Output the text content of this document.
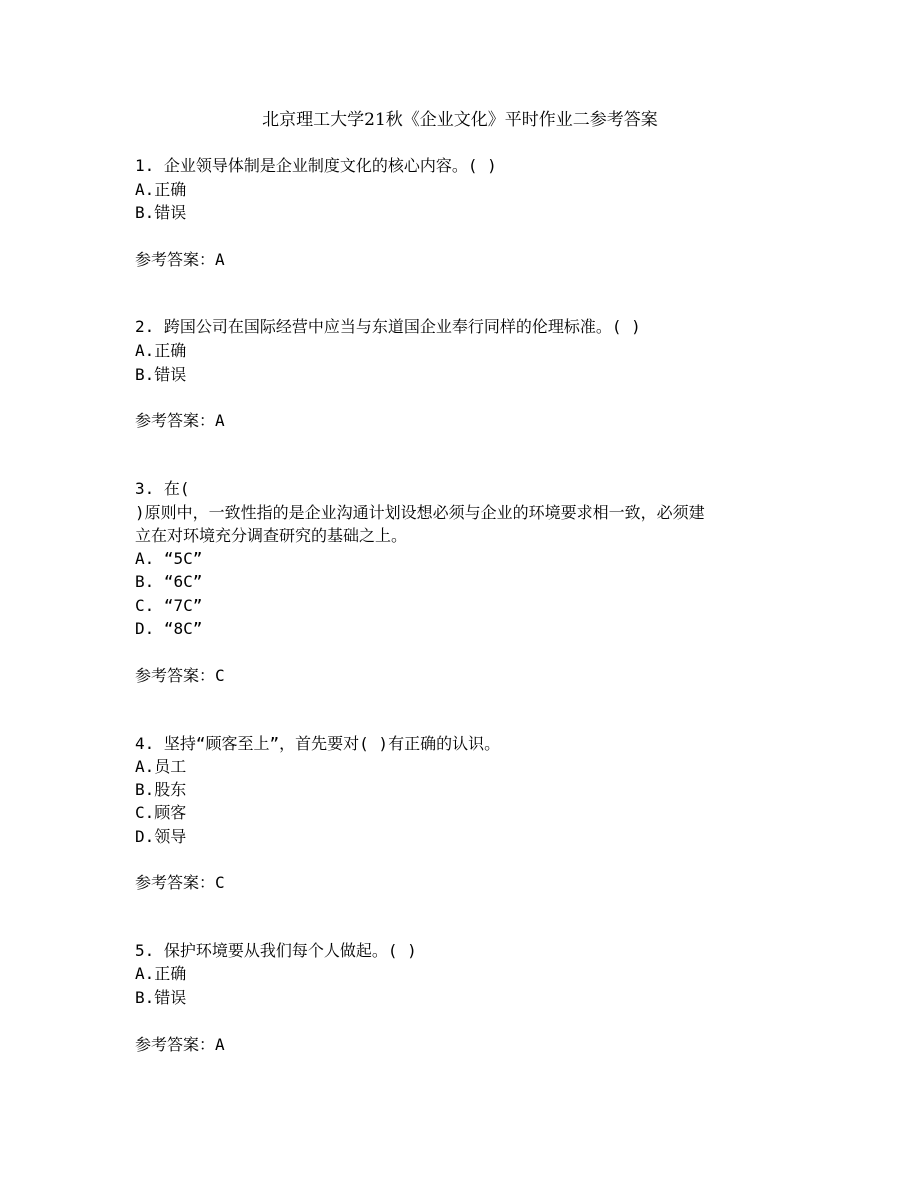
北京理工大学21秋《企业文化》平时作业二参考答案
1. 企业领导体制是企业制度文化的核心内容。( )
A.正确
B.错误
参考答案：A
2. 跨国公司在国际经营中应当与东道国企业奉行同样的伦理标准。( )
A.正确
B.错误
参考答案：A
3. 在(
)原则中，一致性指的是企业沟通计划设想必须与企业的环境要求相一致，必须建
立在对环境充分调查研究的基础之上。
A. “5C”
B. “6C”
C. “7C”
D. “8C”
参考答案：C
4. 坚持“顾客至上”，首先要对( )有正确的认识。
A.员工
B.股东
C.顾客
D.领导
参考答案：C
5. 保护环境要从我们每个人做起。( )
A.正确
B.错误
参考答案：A
